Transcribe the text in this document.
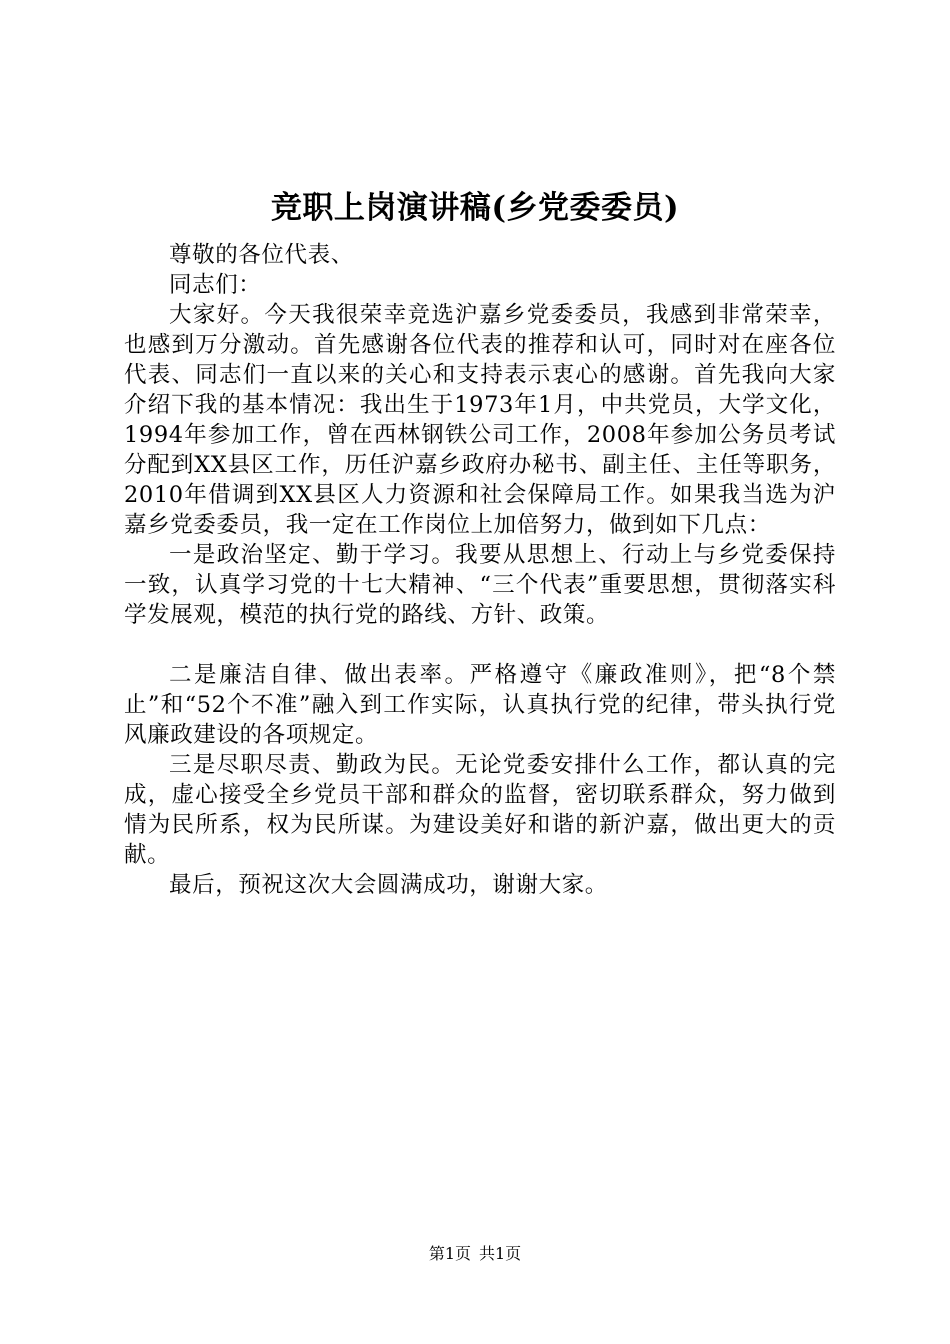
竞职上岗演讲稿(乡党委委员)

尊敬的各位代表、

同志们：

大家好。今天我很荣幸竞选沪嘉乡党委委员，我感到非常荣幸，也感到万分激动。首先感谢各位代表的推荐和认可，同时对在座各位代表、同志们一直以来的关心和支持表示衷心的感谢。首先我向大家介绍下我的基本情况：我出生于1973年1月，中共党员，大学文化，1994年参加工作，曾在西林钢铁公司工作，2008年参加公务员考试分配到XX县区工作，历任沪嘉乡政府办秘书、副主任、主任等职务，2010年借调到XX县区人力资源和社会保障局工作。如果我当选为沪嘉乡党委委员，我一定在工作岗位上加倍努力，做到如下几点：

一是政治坚定、勤于学习。我要从思想上、行动上与乡党委保持一致，认真学习党的十七大精神、“三个代表”重要思想，贯彻落实科学发展观，模范的执行党的路线、方针、政策。

二是廉洁自律、做出表率。严格遵守《廉政准则》，把“8个禁止”和“52个不准”融入到工作实际，认真执行党的纪律，带头执行党风廉政建设的各项规定。

三是尽职尽责、勤政为民。无论党委安排什么工作，都认真的完成，虚心接受全乡党员干部和群众的监督，密切联系群众，努力做到情为民所系，权为民所谋。为建设美好和谐的新沪嘉，做出更大的贡献。

最后，预祝这次大会圆满成功，谢谢大家。

第1页 共1页
